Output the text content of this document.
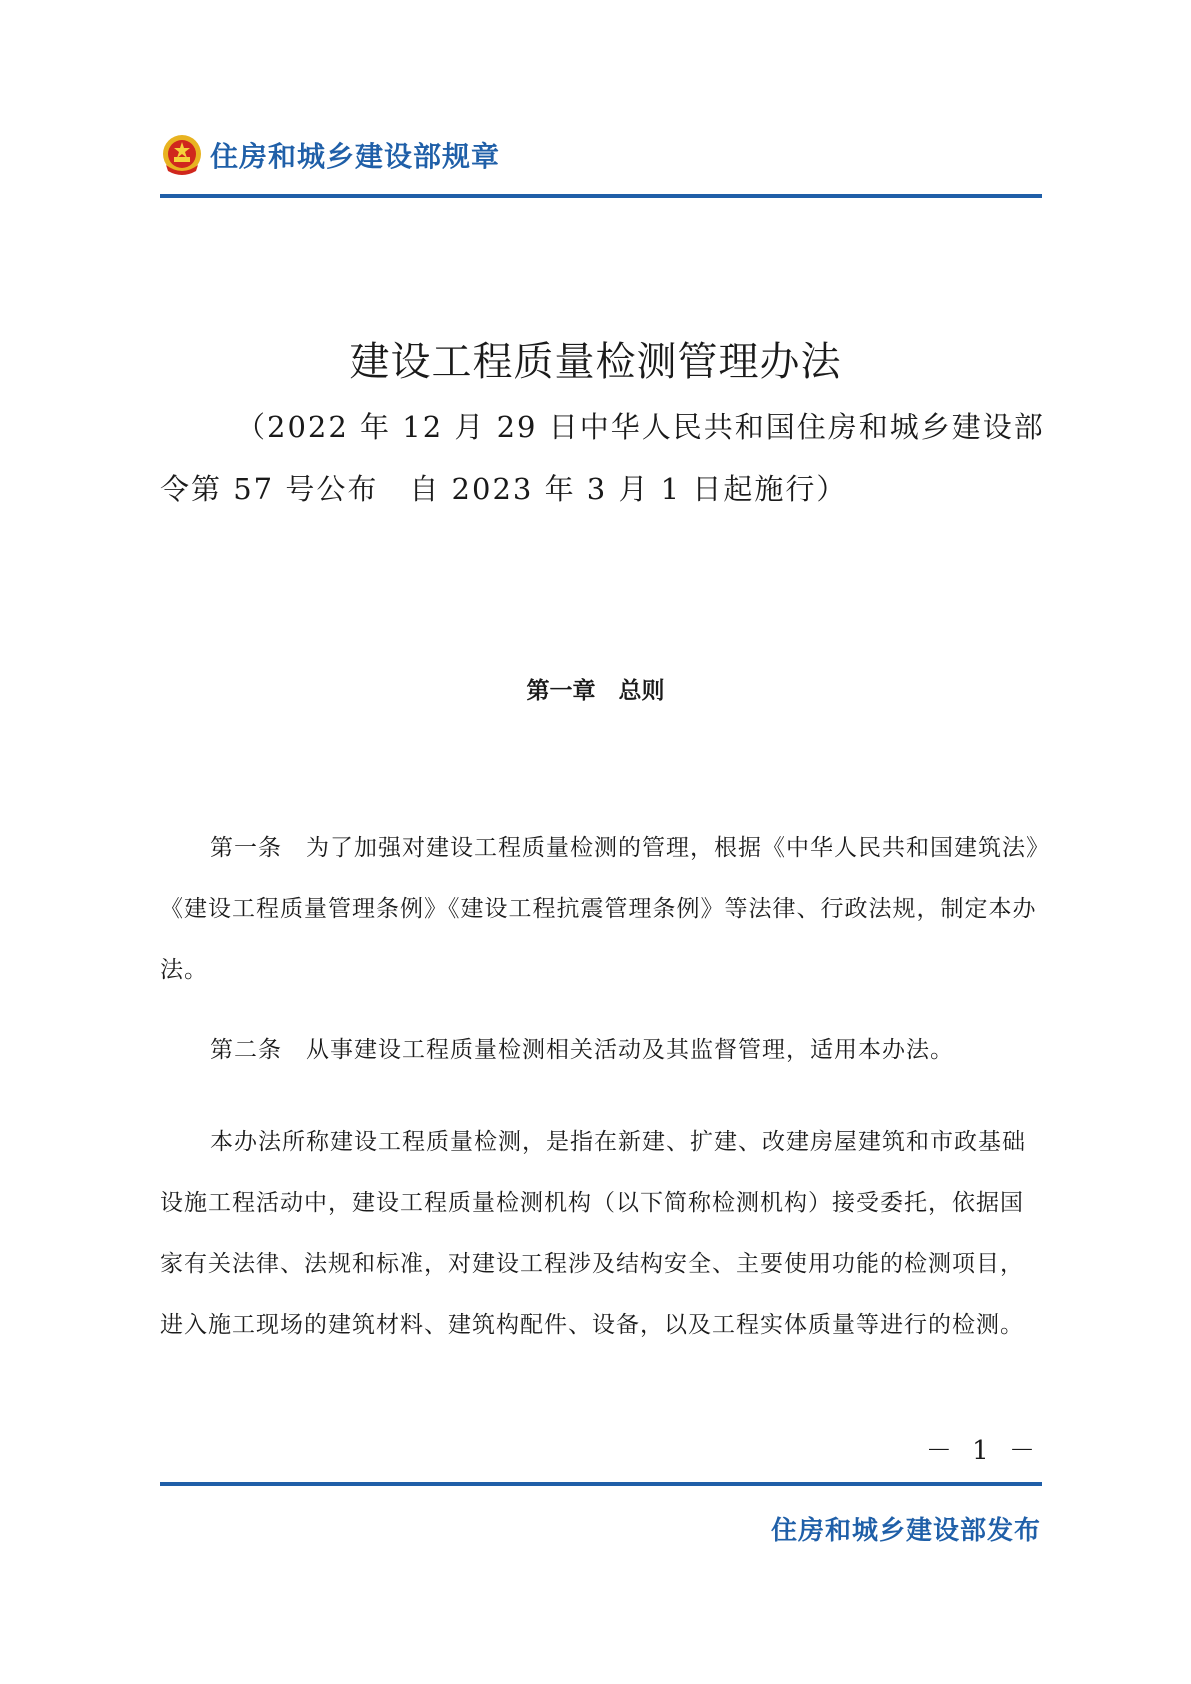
住房和城乡建设部规章
建设工程质量检测管理办法
（2022 年 12 月 29 日中华人民共和国住房和城乡建设部令第 57 号公布　自 2023 年 3 月 1 日起施行）
第一章　总则
第一条　为了加强对建设工程质量检测的管理，根据《中华人民共和国建筑法》《建设工程质量管理条例》《建设工程抗震管理条例》等法律、行政法规，制定本办法。
第二条　从事建设工程质量检测相关活动及其监督管理，适用本办法。
本办法所称建设工程质量检测，是指在新建、扩建、改建房屋建筑和市政基础设施工程活动中，建设工程质量检测机构（以下简称检测机构）接受委托，依据国家有关法律、法规和标准，对建设工程涉及结构安全、主要使用功能的检测项目，进入施工现场的建筑材料、建筑构配件、设备，以及工程实体质量等进行的检测。
－ 1 －
住房和城乡建设部发布
